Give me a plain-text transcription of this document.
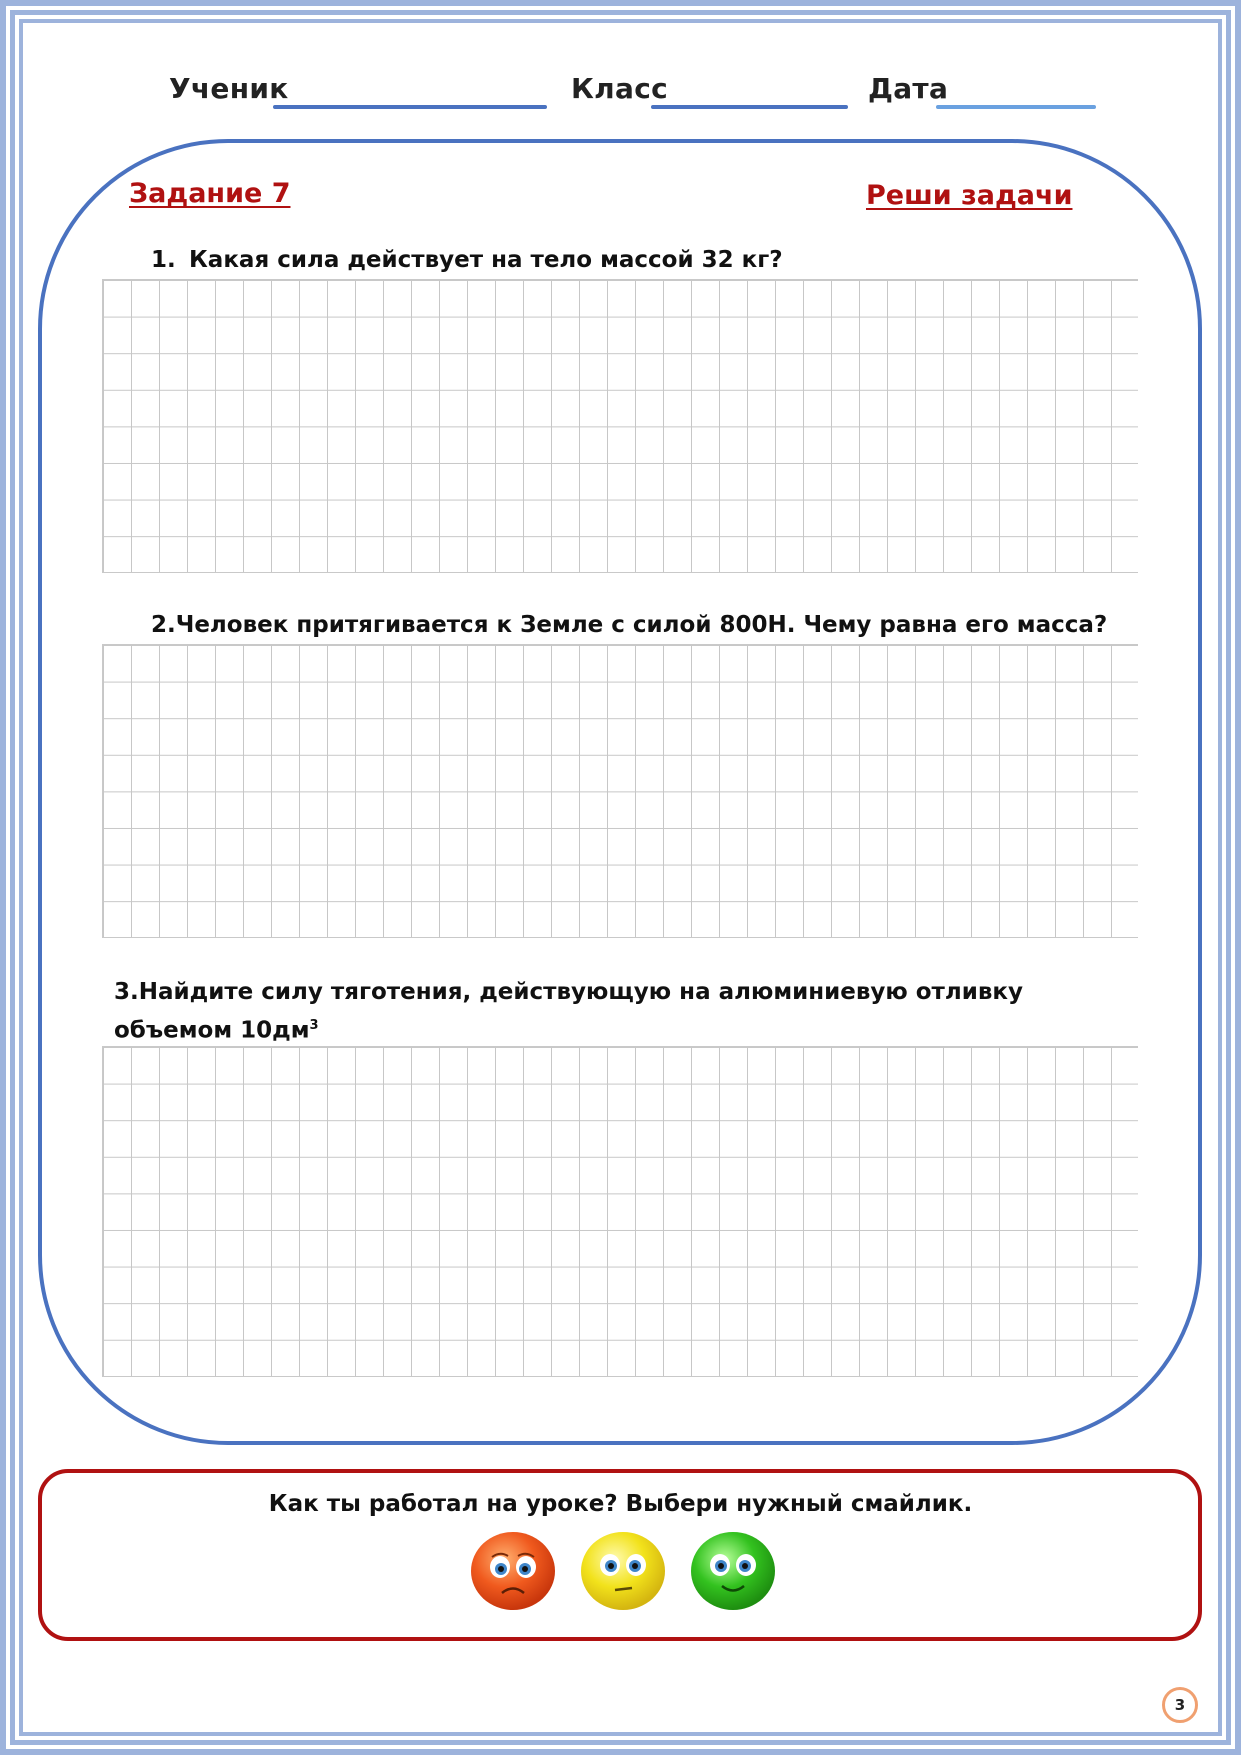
Ученик	Класс	Дата
Задание 7	Реши задачи
1. Какая сила действует на тело массой 32 кг?
2.Человек притягивается к Земле с силой 800Н. Чему равна его масса?
3.Найдите силу тяготения, действующую на алюминиевую отливку объемом $10дм^3$
Как ты работал на уроке? Выбери нужный смайлик.
3
